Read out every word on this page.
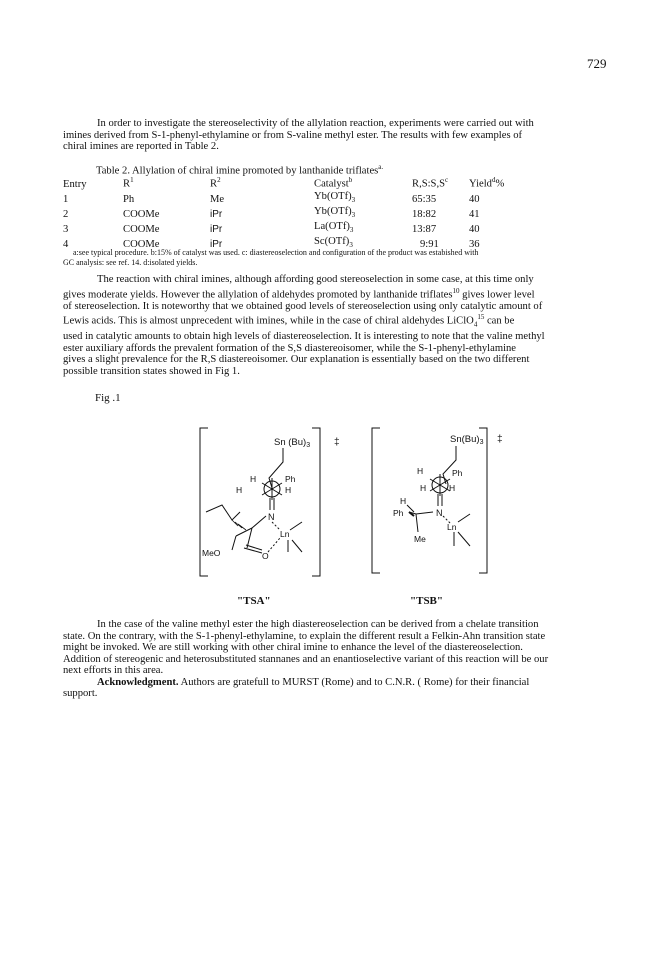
729
In order to investigate the stereoselectivity of the allylation reaction, experiments were carried out with
imines derived from S-1-phenyl-ethylamine or from S-valine methyl ester. The results with few examples of
chiral imines are reported in Table 2.
Table 2. Allylation of chiral imine promoted by lanthanide triflates$^{a.}$
Entry	$R^1$	$R^2$	Catalyst$^b$	$R,S:S,S^c$	Yield$^d$%
1	Ph	Me	$Yb(OTf)_3$	65:35	40
2	COOMe	iPr	$Yb(OTf)_3$	18:82	41
3	COOMe	iPr	$La(OTf)_3$	13:87	40
4	COOMe	iPr	$Sc(OTf)_3$	9:91	36
a:see typical procedure. b:15% of catalyst was used. c: diastereoselection and configuration of the product was estabished with
GC analysis: see ref. 14. d:isolated yields.
The reaction with chiral imines, although affording good stereoselection in some case, at this time only
gives moderate yields. However the allylation of aldehydes promoted by lanthanide triflates$^{10}$ gives lower level
of stereoselection. It is noteworthy that we obtained good levels of stereoselection using only catalytic amount of
Lewis acids. This is almost unprecedent with imines, while in the case of chiral aldehydes LiClO$_4^{15}$ can be
used in catalytic amounts to obtain high levels of diastereoselection. It is interesting to note that the valine methyl
ester auxiliary affords the prevalent formation of the S,S diastereoisomer, while the S-1-phenyl-ethylamine
gives a slight prevalence for the R,S diastereoisomer. Our explanation is essentially based on the two different
possible transition states showed in Fig 1.
Fig .1
Sn $(Bu)_3$ ‡
H
H
Ph
H
N
MeO	O
Ln
"TSA"
$Sn(Bu)_3$ ‡
H
H
Ph
H
N
H
Ph
Me
Ln
"TSB"
In the case of the valine methyl ester the high diastereoselection can be derived from a chelate transition
state. On the contrary, with the S-1-phenyl-ethylamine, to explain the different result a Felkin-Ahn transition state
might be invoked. We are still working with other chiral imine to enhance the level of the diastereoselection.
Addition of stereogenic and heterosubstituted stannanes and an enantioselective variant of this reaction will be our
next efforts in this area.
Acknowledgment. Authors are gratefull to MURST (Rome) and to C.N.R. ( Rome) for their financial
support.
